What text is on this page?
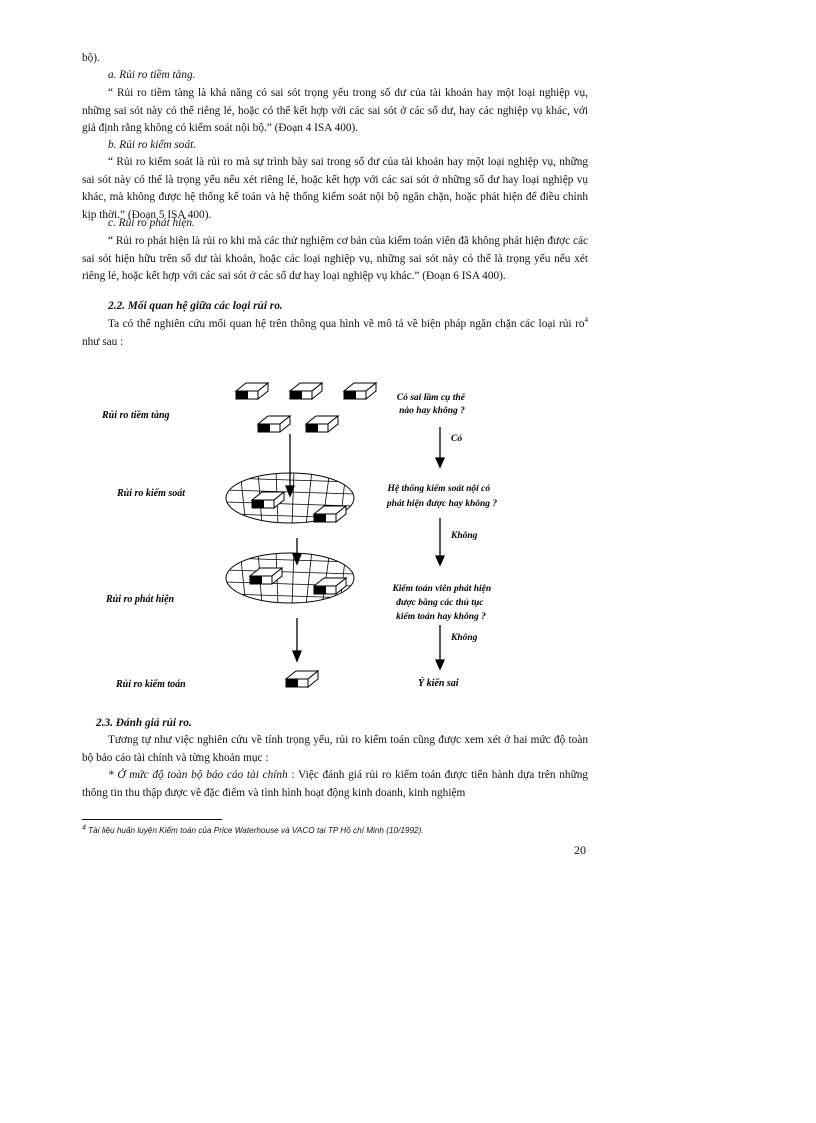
bộ).
a. Rủi ro tiềm tàng.

“ Rủi ro tiềm tàng là khả năng có sai sót trọng yếu trong số dư của tài khoản hay một loại nghiệp vụ, những sai sót này có thể riêng lẻ, hoặc có thể kết hợp với các sai sót ở các số dư, hay các nghiệp vụ khác, với giả định rằng không có kiểm soát nội bộ.” (Đoạn 4 ISA 400).

b. Rủi ro kiểm soát.

“ Rủi ro kiểm soát là rủi ro mà sự trình bày sai trong số dư của tài khoản hay một loại nghiệp vụ, những sai sót này có thể là trọng yếu nếu xét riêng lẻ, hoặc kết hợp với các sai sót ở những số dư hay loại nghiệp vụ khác, mà không được hệ thống kế toán và hệ thống kiểm soát nội bộ ngăn chặn, hoặc phát hiện để điều chỉnh kịp thời.” (Đoạn 5 ISA 400).

c. Rủi ro phát hiện.

“ Rủi ro phát hiện là rủi ro khi mà các thử nghiệm cơ bản của kiểm toán viên đã không phát hiện được các sai sót hiện hữu trên số dư tài khoản, hoặc các loại nghiệp vụ, những sai sót này có thể là trọng yếu nếu xét riêng lẻ, hoặc kết hợp với các sai sót ở các số dư hay loại nghiệp vụ khác.” (Đoạn 6 ISA 400).

2.2. Mối quan hệ giữa các loại rủi ro.

Ta có thể nghiên cứu mối quan hệ trên thông qua hình vẽ mô tả về biện pháp ngăn chặn các loại rủi $ro^4$ như sau :

Rủi ro tiềm tàng
Rủi ro kiểm soát
Rủi ro phát hiện
Rủi ro kiểm toán
Có sai lầm cụ thể nào hay không ?
Có
Hệ thống kiểm soát nội có phát hiện được hay không ?
Không
Kiểm toán viên phát hiện được bằng các thủ tục kiểm toán hay không ?
Không
Ý kiến sai
2.3. Đánh giá rủi ro.

Tương tự như việc nghiên cứu về tính trọng yếu, rủi ro kiểm toán cũng được xem xét ở hai mức độ toàn bộ báo cáo tài chính và từng khoản mục :

* Ở mức độ toàn bộ báo cáo tài chính : Việc đánh giá rủi ro kiểm toán được tiến hành dựa trên những thông tin thu thập được về đặc điểm và tình hình hoạt động kinh doanh, kinh nghiệm

$^4$ Tài liệu huấn luyện Kiểm toán của Price Waterhouse và VACO tại TP Hồ chí Minh (10/1992).
20
